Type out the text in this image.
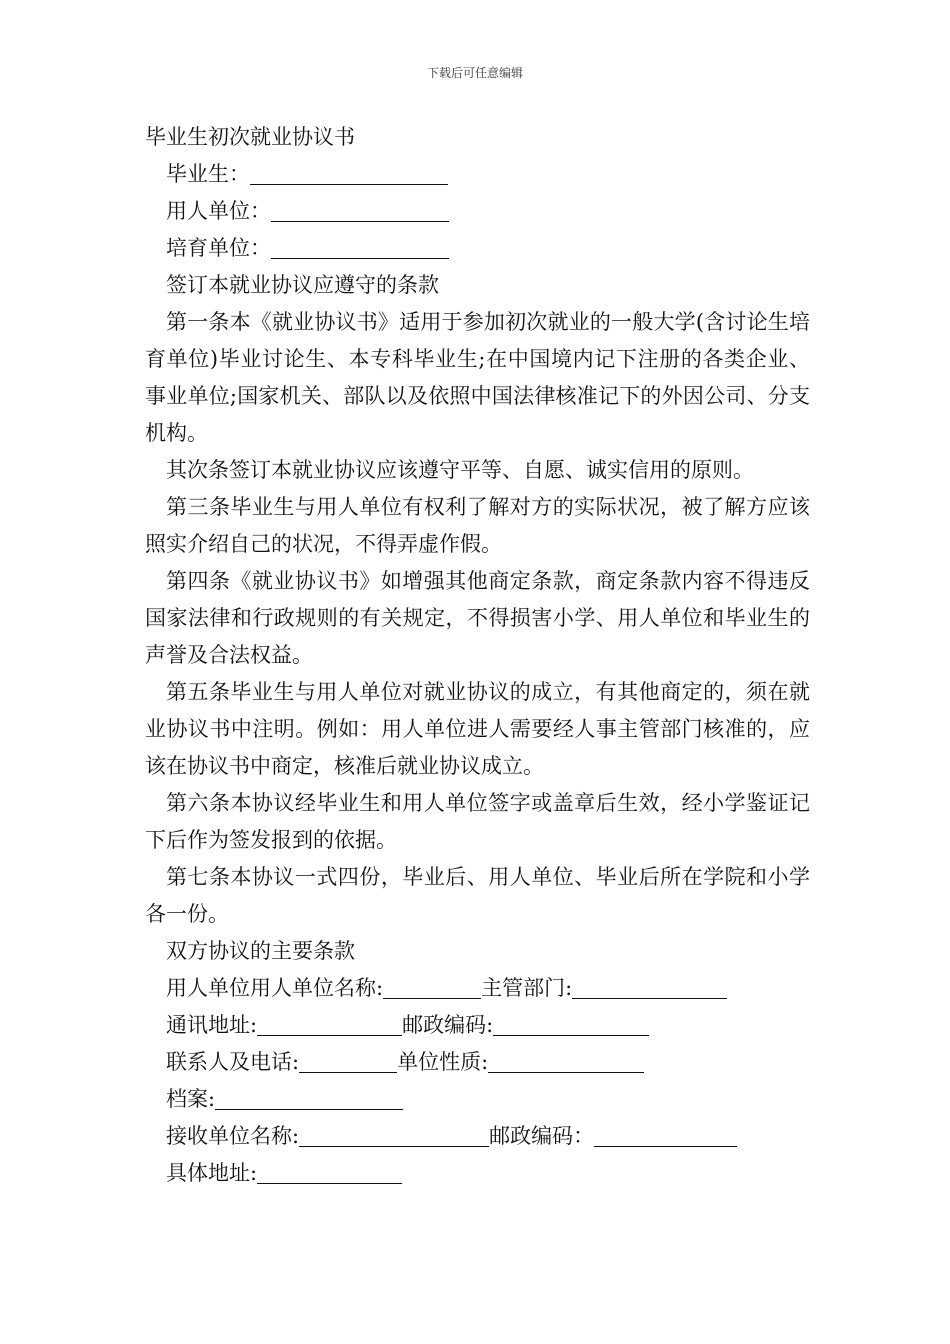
下载后可任意编辑
毕业生初次就业协议书
毕业生：
用人单位：
培育单位：
签订本就业协议应遵守的条款
第一条本《就业协议书》适用于参加初次就业的一般大学(含讨论生培育单位)毕业讨论生、本专科毕业生;在中国境内记下注册的各类企业、事业单位;国家机关、部队以及依照中国法律核准记下的外因公司、分支机构。
其次条签订本就业协议应该遵守平等、自愿、诚实信用的原则。
第三条毕业生与用人单位有权利了解对方的实际状况，被了解方应该照实介绍自己的状况，不得弄虚作假。
第四条《就业协议书》如增强其他商定条款，商定条款内容不得违反国家法律和行政规则的有关规定，不得损害小学、用人单位和毕业生的声誉及合法权益。
第五条毕业生与用人单位对就业协议的成立，有其他商定的，须在就业协议书中注明。例如：用人单位进人需要经人事主管部门核准的，应该在协议书中商定，核准后就业协议成立。
第六条本协议经毕业生和用人单位签字或盖章后生效，经小学鉴证记下后作为签发报到的依据。
第七条本协议一式四份，毕业后、用人单位、毕业后所在学院和小学各一份。
双方协议的主要条款
用人单位用人单位名称:	主管部门:
通讯地址:	邮政编码:
联系人及电话:	单位性质:
档案:
接收单位名称:	邮政编码：
具体地址:
